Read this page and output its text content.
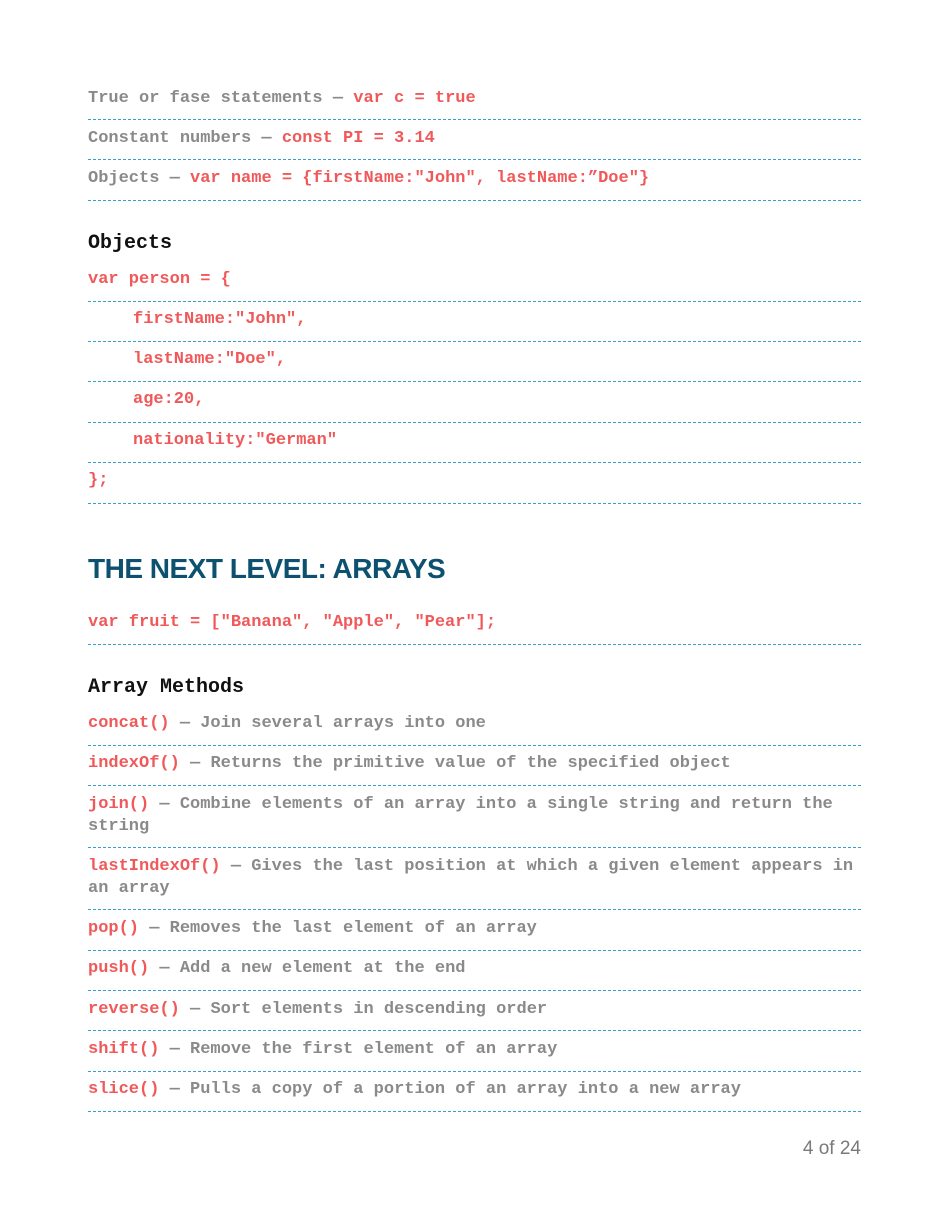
True or fase statements — var c = true
Constant numbers — const PI = 3.14
Objects — var name = {firstName:"John", lastName:”Doe"}
Objects
var person = {
firstName:"John",
lastName:"Doe",
age:20,
nationality:"German"
};
THE NEXT LEVEL: ARRAYS
var fruit = ["Banana", "Apple", "Pear"];
Array Methods
concat() — Join several arrays into one
indexOf() — Returns the primitive value of the specified object
join() — Combine elements of an array into a single string and return the string
lastIndexOf() — Gives the last position at which a given element appears in an array
pop() — Removes the last element of an array
push() — Add a new element at the end
reverse() — Sort elements in descending order
shift() — Remove the first element of an array
slice() — Pulls a copy of a portion of an array into a new array
4 of 24
